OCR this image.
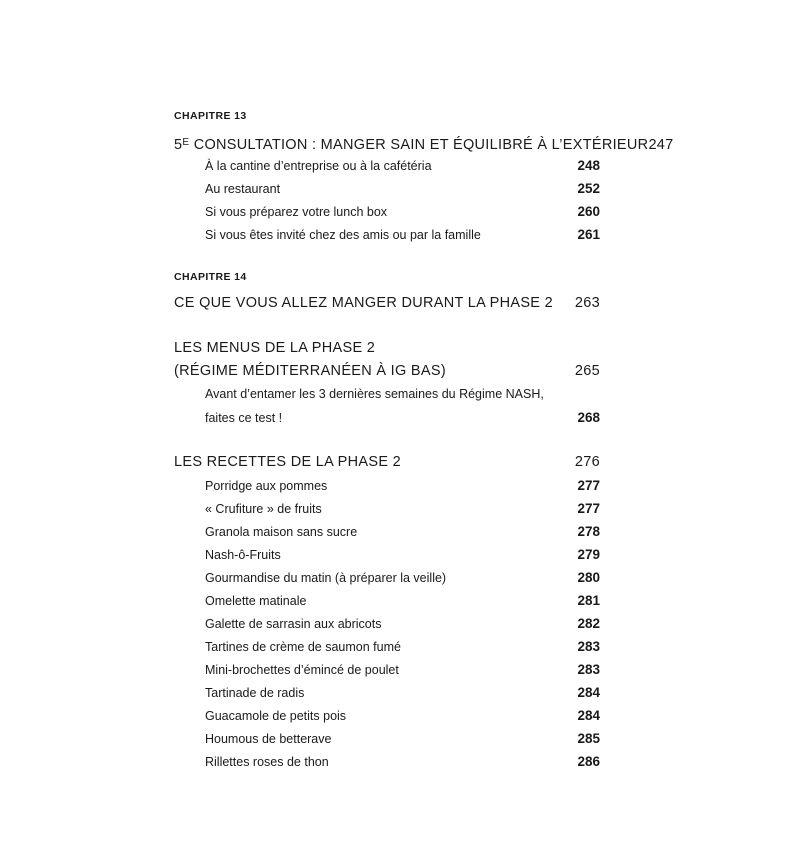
CHAPITRE 13
$5^E$ CONSULTATION : MANGER SAIN ET ÉQUILIBRÉ À L’EXTÉRIEUR 247
À la cantine d’entreprise ou à la cafétéria	248
Au restaurant	252
Si vous préparez votre lunch box	260
Si vous êtes invité chez des amis ou par la famille	261
CHAPITRE 14
CE QUE VOUS ALLEZ MANGER DURANT LA PHASE 2 263
LES MENUS DE LA PHASE 2
(RÉGIME MÉDITERRANÉEN À IG BAS)	265
Avant d’entamer les 3 dernières semaines du Régime NASH,
faites ce test !	268
LES RECETTES DE LA PHASE 2	276
Porridge aux pommes	277
« Crufiture » de fruits	277
Granola maison sans sucre	278
Nash-ô-Fruits	279
Gourmandise du matin (à préparer la veille)	280
Omelette matinale	281
Galette de sarrasin aux abricots	282
Tartines de crème de saumon fumé	283
Mini-brochettes d’émincé de poulet	283
Tartinade de radis	284
Guacamole de petits pois	284
Houmous de betterave	285
Rillettes roses de thon	286
